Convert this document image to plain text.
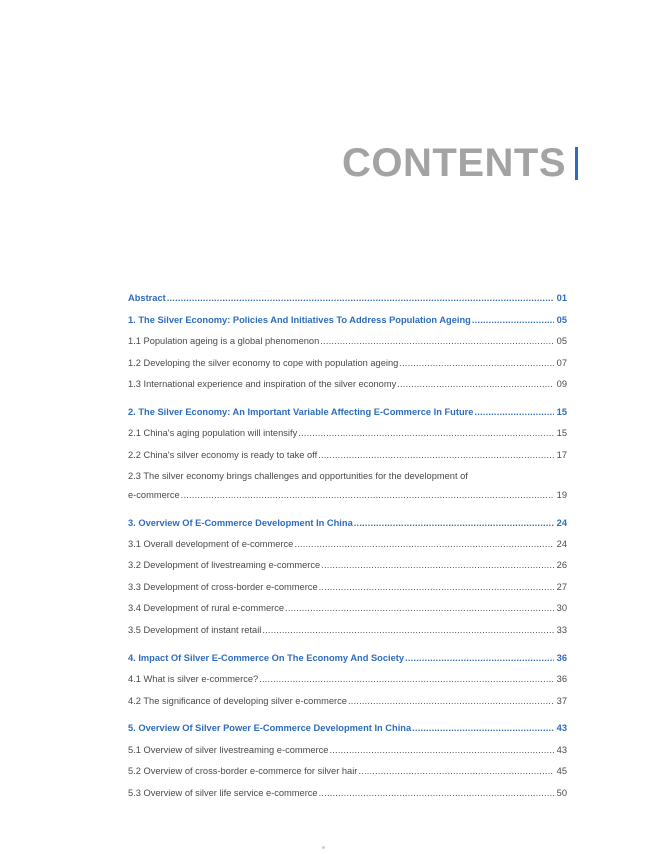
CONTENTS
Abstract .....	01
1. The Silver Economy: Policies And Initiatives To Address Population Ageing .....	05
1.1 Population ageing is a global phenomenon .....	05
1.2 Developing the silver economy to cope with population ageing .....	07
1.3 International experience and inspiration of the silver economy .....	09
2. The Silver Economy: An Important Variable Affecting E-Commerce In Future .....	15
2.1 China's aging population will intensify .....	15
2.2 China's silver economy is ready to take off .....	17
2.3 The silver economy brings challenges and opportunities for the development of
e-commerce .....	19
3. Overview Of E-Commerce Development In China .....	24
3.1 Overall development of e-commerce .....	24
3.2 Development of livestreaming e-commerce .....	26
3.3 Development of cross-border e-commerce .....	27
3.4 Development of rural e-commerce .....	30
3.5 Development of instant retail .....	33
4. Impact Of Silver E-Commerce On The Economy And Society .....	36
4.1 What is silver e-commerce? .....	36
4.2 The significance of developing silver e-commerce .....	37
5. Overview Of Silver Power E-Commerce Development In China .....	43
5.1 Overview of silver livestreaming e-commerce .....	43
5.2 Overview of cross-border e-commerce for silver hair .....	45
5.3 Overview of silver life service e-commerce .....	50
